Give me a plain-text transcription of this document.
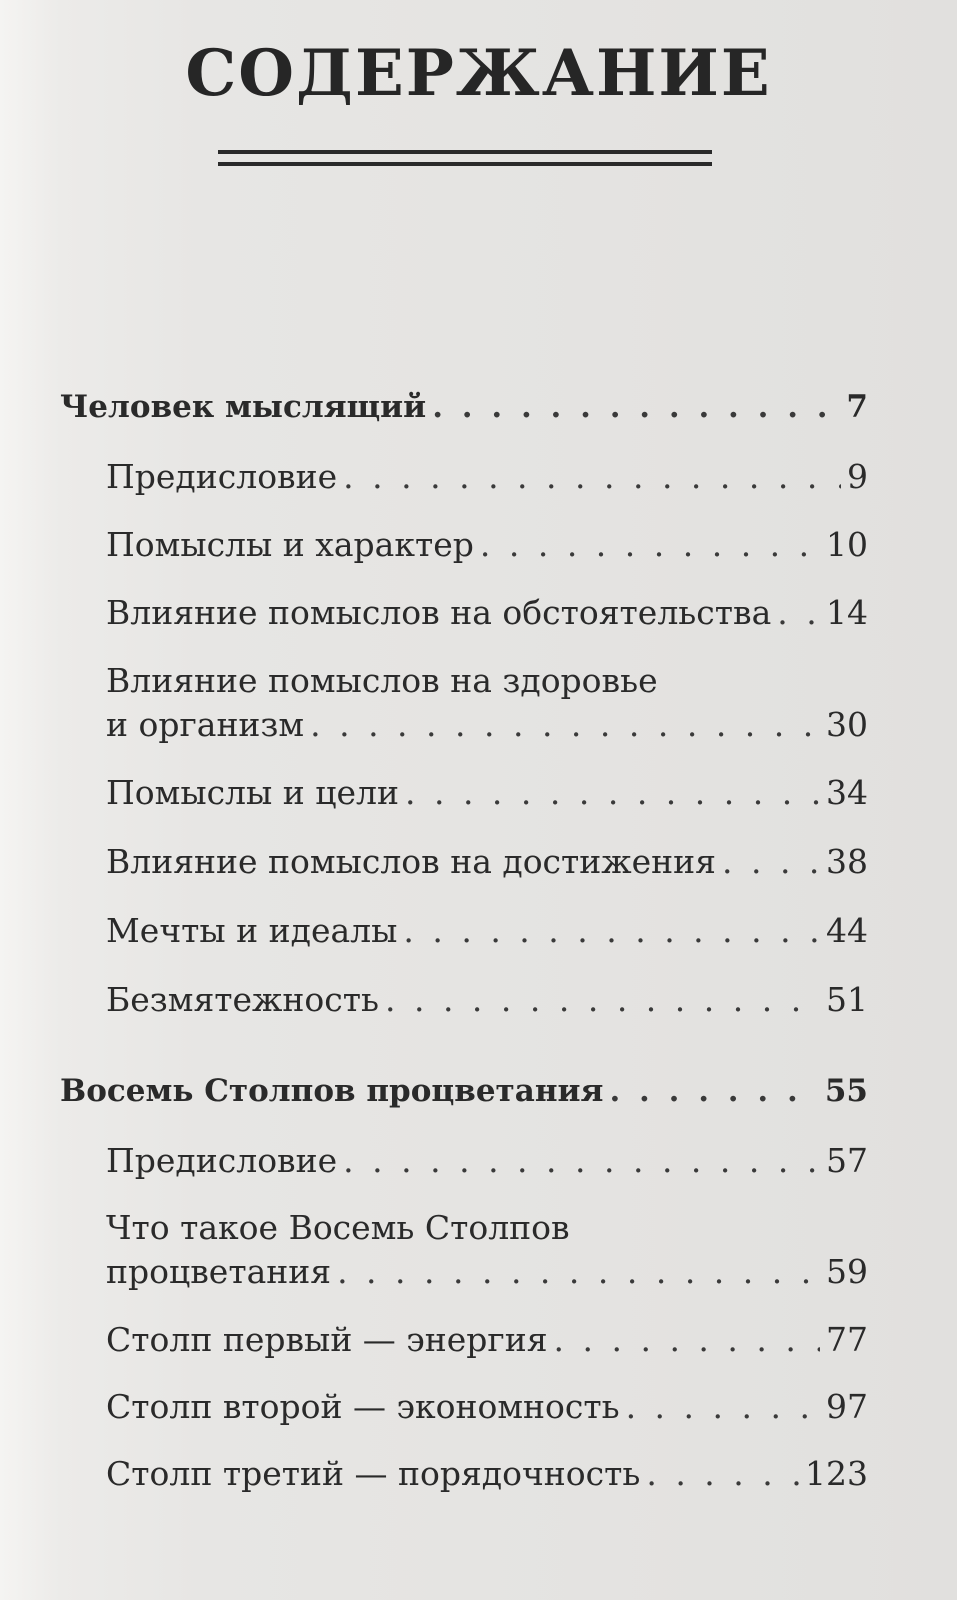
СОДЕРЖАНИЕ
Человек мыслящий . . .	7
Предисловие . . .	9
Помыслы и характер . . .	10
Влияние помыслов на обстоятельства . . . 14
Влияние помыслов на здоровье
и организм . . .	30
Помыслы и цели . . .	34
Влияние помыслов на достижения . . .	38
Мечты и идеалы . . .	44
Безмятежность . . .	51
Восемь Столпов процветания . . .	55
Предисловие . . .	57
Что такое Восемь Столпов
процветания . . .	59
Столп первый — энергия . . .	77
Столп второй — экономность . . .	97
Столп третий — порядочность . . .	123
